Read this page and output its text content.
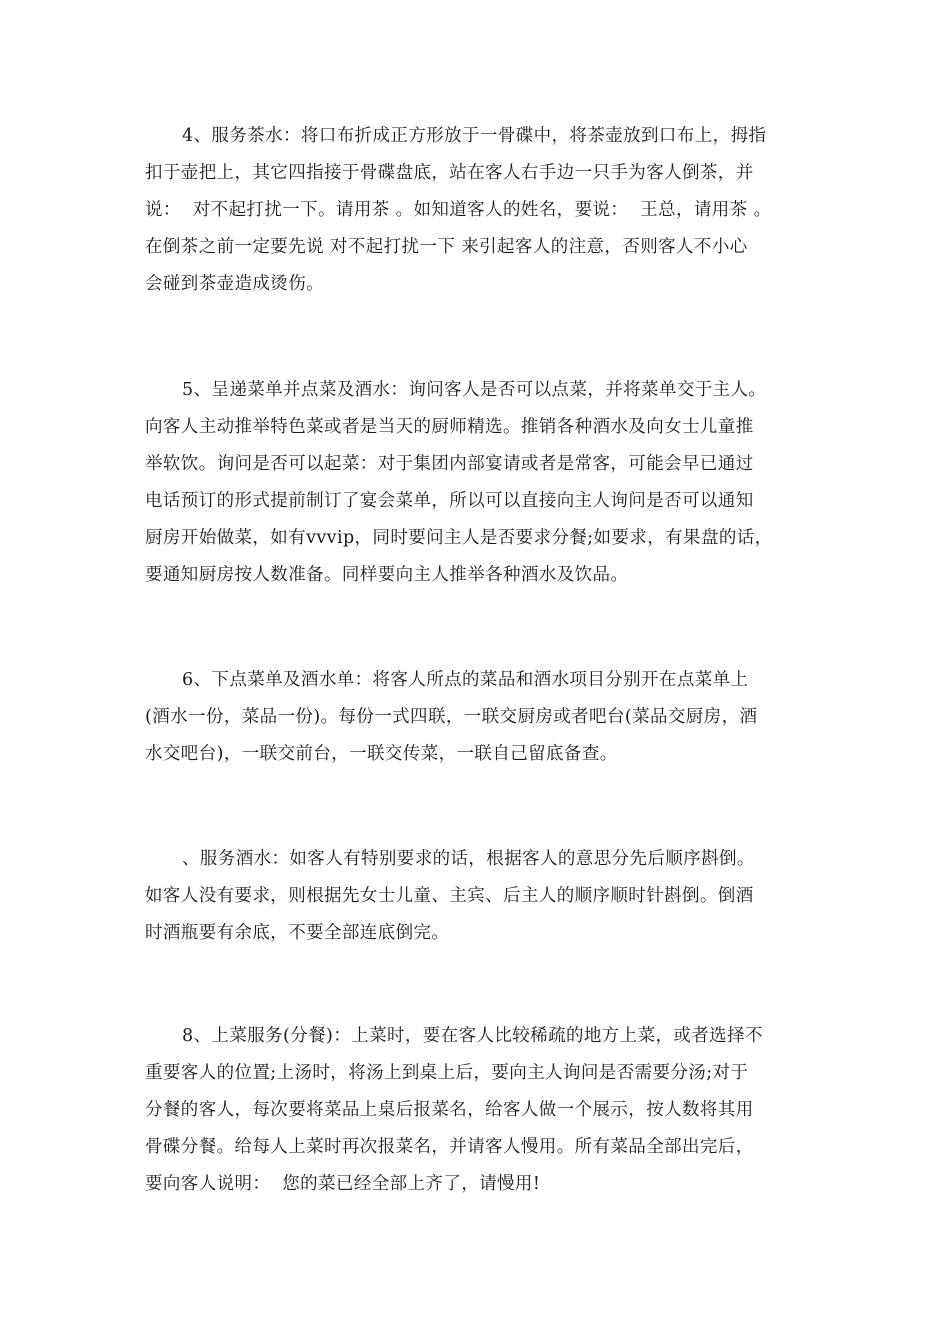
4、服务茶水：将口布折成正方形放于一骨碟中，将茶壶放到口布上，拇指
扣于壶把上，其它四指接于骨碟盘底，站在客人右手边一只手为客人倒茶，并
说：  对不起打扰一下。请用茶 。如知道客人的姓名，要说：  王总，请用茶 。
在倒茶之前一定要先说 对不起打扰一下 来引起客人的注意，否则客人不小心
会碰到茶壶造成烫伤。
5、呈递菜单并点菜及酒水：询问客人是否可以点菜，并将菜单交于主人。
向客人主动推举特色菜或者是当天的厨师精选。推销各种酒水及向女士儿童推
举软饮。询问是否可以起菜：对于集团内部宴请或者是常客，可能会早已通过
电话预订的形式提前制订了宴会菜单，所以可以直接向主人询问是否可以通知
厨房开始做菜，如有vvvip，同时要问主人是否要求分餐;如要求，有果盘的话，
要通知厨房按人数准备。同样要向主人推举各种酒水及饮品。
6、下点菜单及酒水单：将客人所点的菜品和酒水项目分别开在点菜单上
(酒水一份，菜品一份)。每份一式四联，一联交厨房或者吧台(菜品交厨房，酒
水交吧台)，一联交前台，一联交传菜，一联自己留底备查。
、服务酒水：如客人有特别要求的话，根据客人的意思分先后顺序斟倒。
如客人没有要求，则根据先女士儿童、主宾、后主人的顺序顺时针斟倒。倒酒
时酒瓶要有余底，不要全部连底倒完。
8、上菜服务(分餐)：上菜时，要在客人比较稀疏的地方上菜，或者选择不
重要客人的位置;上汤时，将汤上到桌上后，要向主人询问是否需要分汤;对于
分餐的客人，每次要将菜品上桌后报菜名，给客人做一个展示，按人数将其用
骨碟分餐。给每人上菜时再次报菜名，并请客人慢用。所有菜品全部出完后，
要向客人说明：  您的菜已经全部上齐了，请慢用!
